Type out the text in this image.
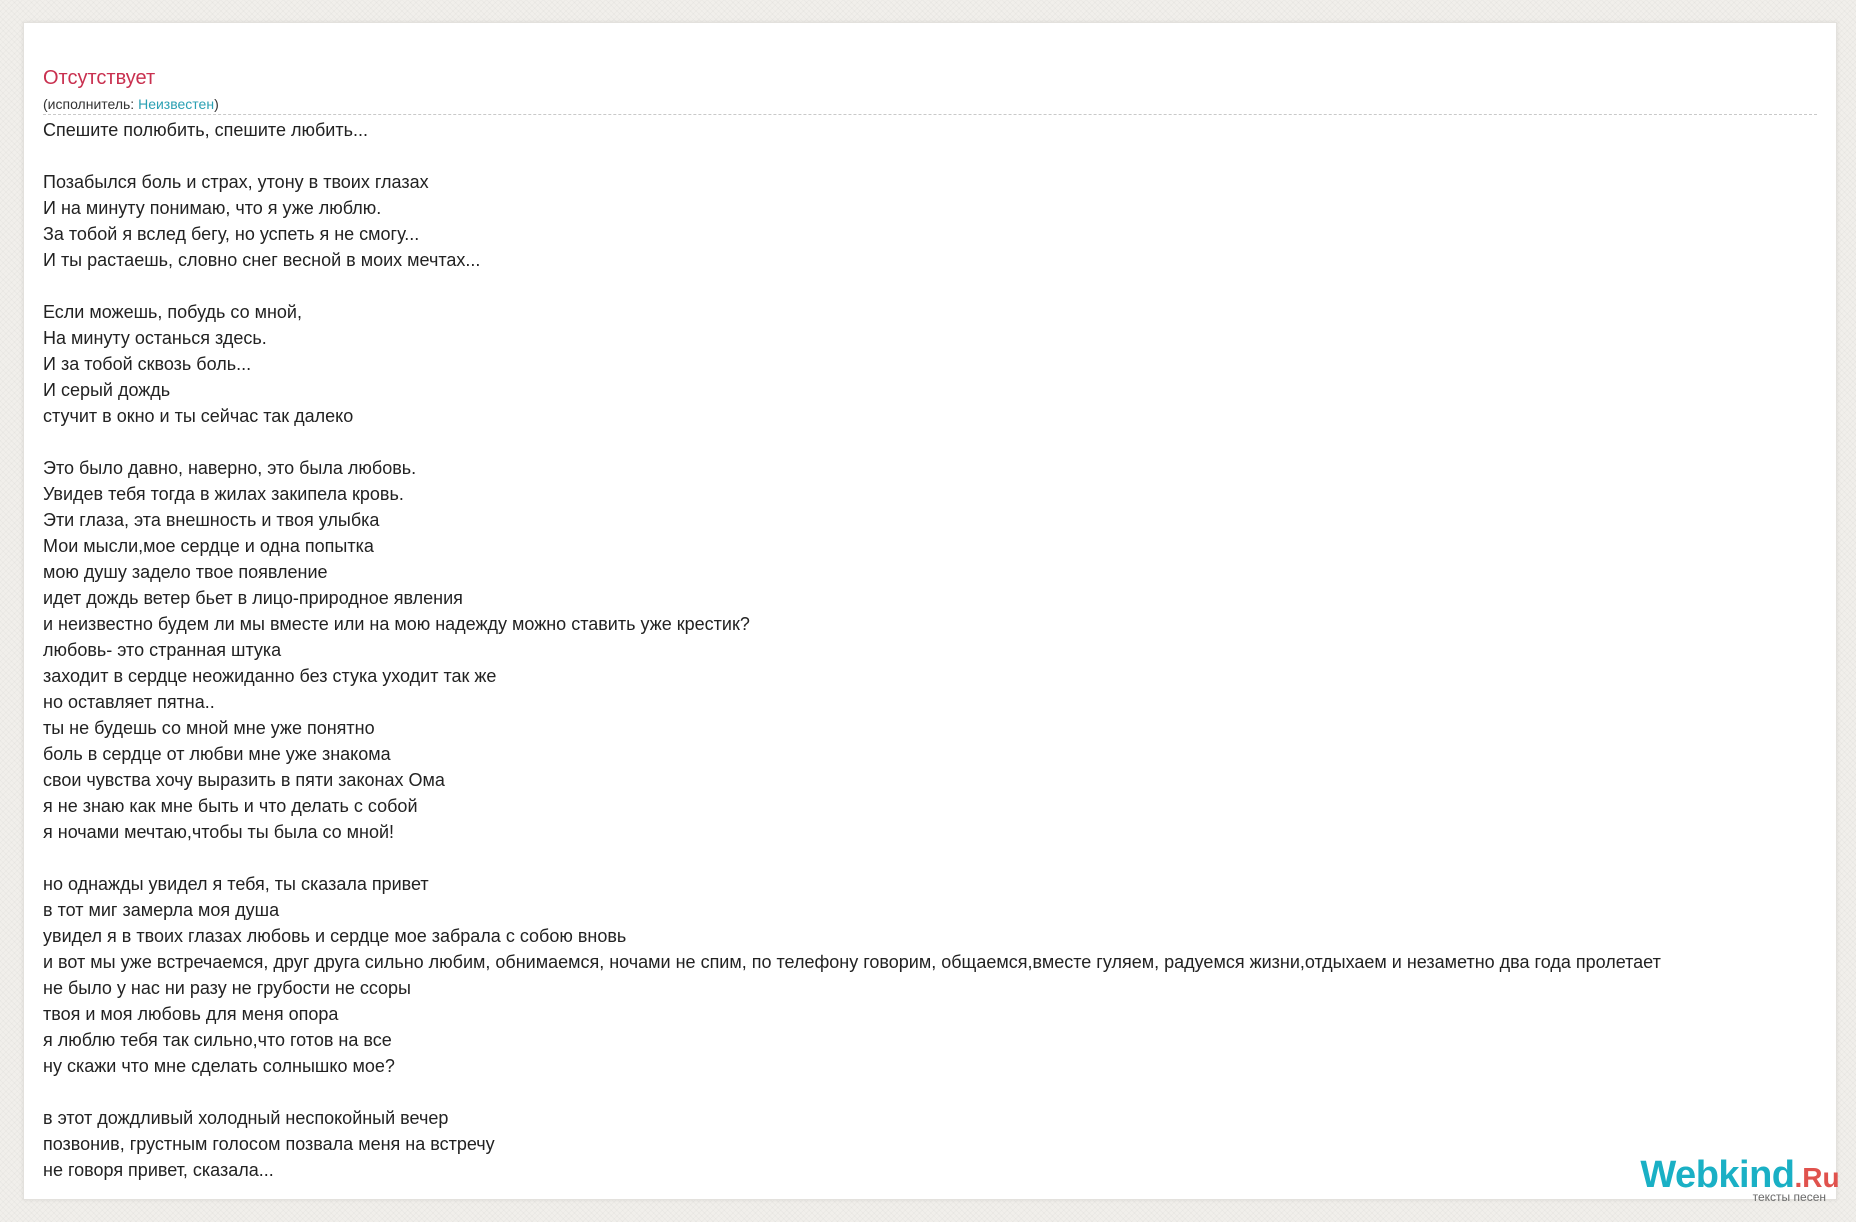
Отсутствует
(исполнитель: Неизвестен)
Спешите полюбить, спешите любить...
Позабылся боль и страх, утону в твоих глазах
И на минуту понимаю, что я уже люблю.
За тобой я вслед бегу, но успеть я не смогу...
И ты растаешь, словно снег весной в моих мечтах...
Если можешь, побудь со мной,
На минуту останься здесь.
И за тобой сквозь боль...
И серый дождь
стучит в окно и ты сейчас так далеко
Это было давно, наверно, это была любовь.
Увидев тебя тогда в жилах закипела кровь.
Эти глаза, эта внешность и твоя улыбка
Мои мысли,мое сердце и одна попытка
мою душу задело твое появление
идет дождь ветер бьет в лицо-природное явления
и неизвестно будем ли мы вместе или на мою надежду можно ставить уже крестик?
любовь- это странная штука
заходит в сердце неожиданно без стука уходит так же
но оставляет пятна..
ты не будешь со мной мне уже понятно
боль в сердце от любви мне уже знакома
свои чувства хочу выразить в пяти законах Ома
я не знаю как мне быть и что делать с собой
я ночами мечтаю,чтобы ты была со мной!
но однажды увидел я тебя, ты сказала привет
в тот миг замерла моя душа
увидел я в твоих глазах любовь и сердце мое забрала с собою вновь
и вот мы уже встречаемся, друг друга сильно любим, обнимаемся, ночами не спим, по телефону говорим, общаемся,вместе гуляем, радуемся жизни,отдыхаем и незаметно два года пролетает
не было у нас ни разу не грубости не ссоры
твоя и моя любовь для меня опора
я люблю тебя так сильно,что готов на все
ну скажи что мне сделать солнышко мое?
в этот дождливый холодный неспокойный вечер
позвонив, грустным голосом позвала меня на встречу
не говоря привет, сказала...	Webkind.Ru
тексты песен
